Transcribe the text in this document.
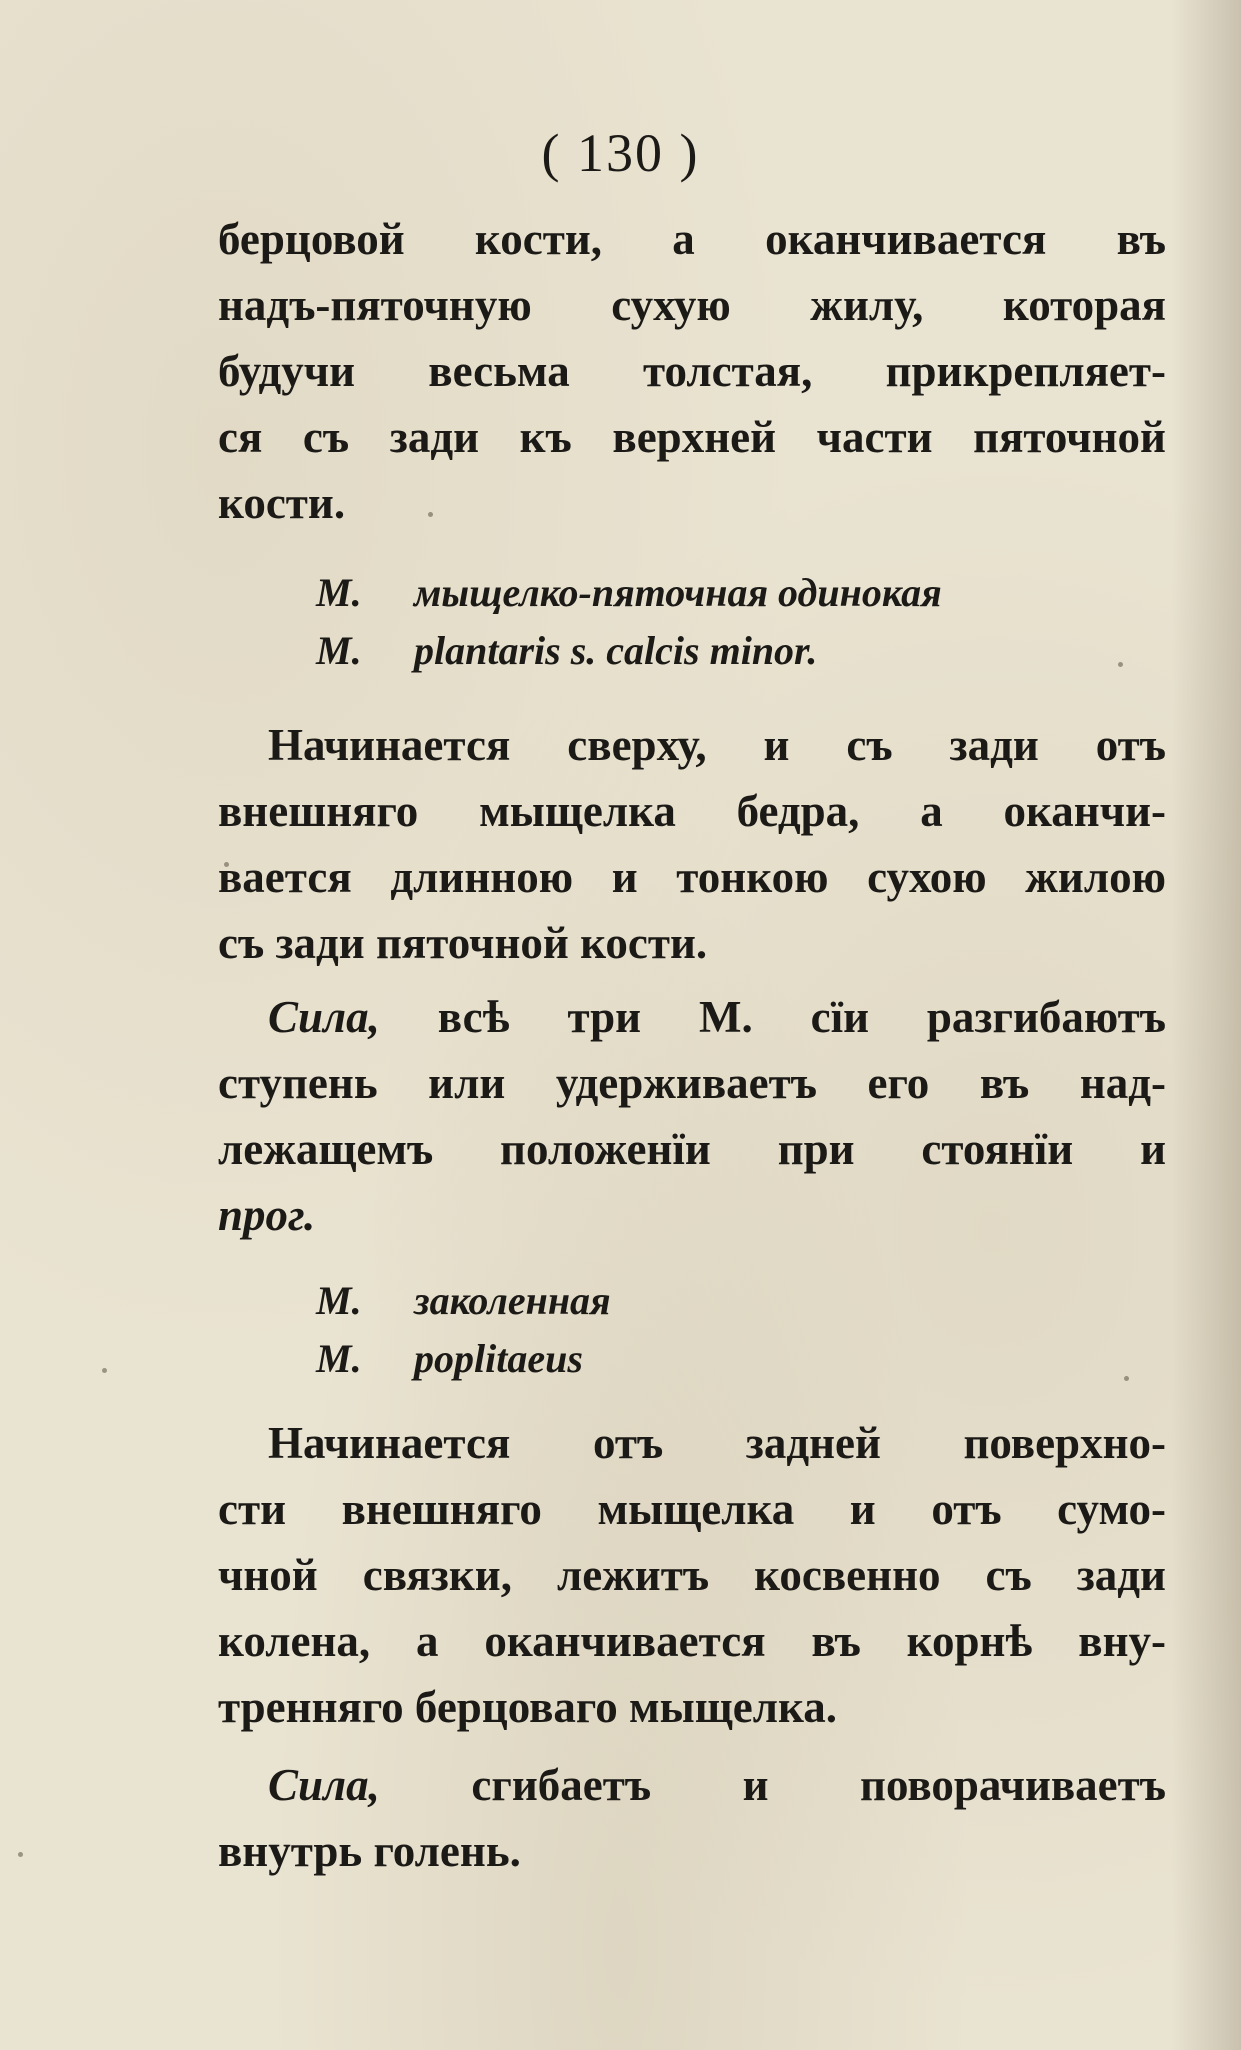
( 130 )
берцовой кости, а оканчивается въ
надъ-пяточную сухую жилу, которая
будучи весьма толстая, прикрепляет-
ся съ зади къ верхней части пяточной
кости.
М. мыщелко-пяточная одинокая
M. plantaris s. calcis minor.
Начинается сверху, и съ зади отъ
внешняго мыщелка бедра, а оканчи-
вается длинною и тонкою сухою жилою
съ зади пяточной кости.
Сила, всѣ три М. сїи разгибаютъ
ступень или удерживаетъ его въ над-
лежащемъ положенїи при стоянїи и
прог.
М. заколенная
M. poplitaeus
Начинается отъ задней поверхно-
сти внешняго мыщелка и отъ сумо-
чной связки, лежитъ косвенно съ зади
колена, а оканчивается въ корнѣ вну-
тренняго берцоваго мыщелка.
Сила, сгибаетъ и поворачиваетъ
внутрь голень.
